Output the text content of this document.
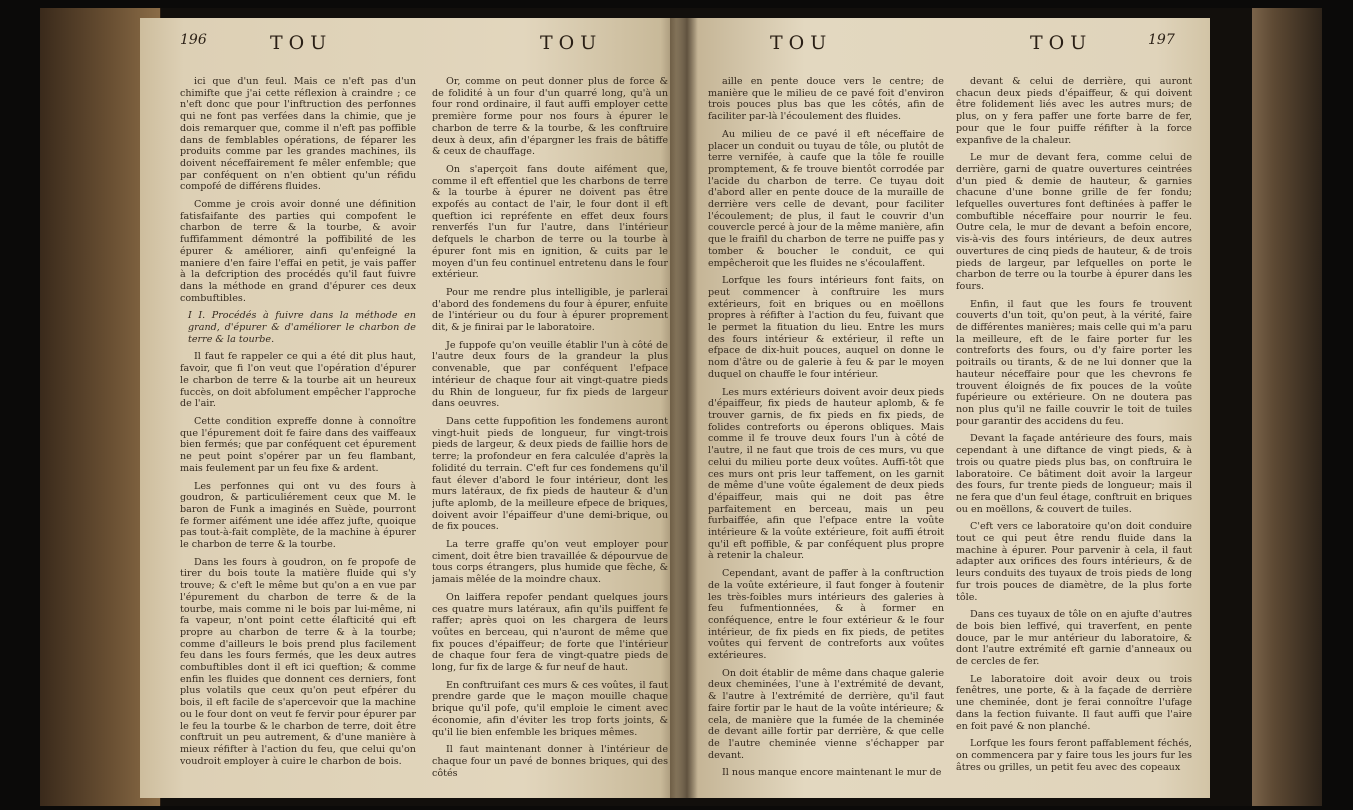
196	TOU	TOU

ici que d'un feul. Mais ce n'eft pas d'un chimifte que j'ai cette réflexion à craindre ; ce n'eft donc que pour l'inftruction des perfonnes qui ne font pas verfées dans la chimie, que je dois remarquer que, comme il n'eft pas poffible dans de femblables opérations, de féparer les produits comme par les grandes machines, ils doivent néceffairement fe mêler enfemble; que par conféquent on n'en obtient qu'un réfidu compofé de différens fluides.

Comme je crois avoir donné une définition fatisfaifante des parties qui compofent le charbon de terre & la tourbe, & avoir fuffifamment démontré la poffibilité de les épurer & améliorer, ainfi qu'enfeigné la maniere d'en faire l'effai en petit, je vais paffer à la defcription des procédés qu'il faut fuivre dans la méthode en grand d'épurer ces deux combuftibles.

I I. Procédés à fuivre dans la méthode en grand, d'épurer & d'améliorer le charbon de terre & la tourbe.

Il faut fe rappeler ce qui a été dit plus haut, favoir, que fi l'on veut que l'opération d'épurer le charbon de terre & la tourbe ait un heureux fuccès, on doit abfolument empêcher l'approche de l'air.

Cette condition expreffe donne à connoître que l'épurement doit fe faire dans des vaiffeaux bien fermés; que par conféquent cet épurement ne peut point s'opérer par un feu flambant, mais feulement par un feu fixe & ardent.

Les perfonnes qui ont vu des fours à goudron, & particuliérement ceux que M. le baron de Funk a imaginés en Suède, pourront fe former aifément une idée affez jufte, quoique pas tout-à-fait complète, de la machine à épurer le charbon de terre & la tourbe.

Dans les fours à goudron, on fe propofe de tirer du bois toute la matière fluide qui s'y trouve; & c'eft le même but qu'on a en vue par l'épurement du charbon de terre & de la tourbe, mais comme ni le bois par lui-même, ni fa vapeur, n'ont point cette élafticité qui eft propre au charbon de terre & à la tourbe; comme d'ailleurs le bois prend plus facilement feu dans les fours fermés, que les deux autres combuftibles dont il eft ici queftion; & comme enfin les fluides que donnent ces derniers, font plus volatils que ceux qu'on peut efpérer du bois, il eft facile de s'apercevoir que la machine ou le four dont on veut fe fervir pour épurer par le feu la tourbe & le charbon de terre, doit être conftruit un peu autrement, & d'une manière à mieux réfifter à l'action du feu, que celui qu'on voudroit employer à cuire le charbon de bois.

Or, comme on peut donner plus de force & de folidité à un four d'un quarré long, qu'à un four rond ordinaire, il faut auffi employer cette première forme pour nos fours à épurer le charbon de terre & la tourbe, & les conftruire deux à deux, afin d'épargner les frais de bâtiffe & ceux de chauffage.

On s'aperçoit fans doute aifément que, comme il eft effentiel que les charbons de terre & la tourbe à épurer ne doivent pas être expofés au contact de l'air, le four dont il eft queftion ici repréfente en effet deux fours renverfés l'un fur l'autre, dans l'intérieur defquels le charbon de terre ou la tourbe à épurer font mis en ignition, & cuits par le moyen d'un feu continuel entretenu dans le four extérieur.

Pour me rendre plus intelligible, je parlerai d'abord des fondemens du four à épurer, enfuite de l'intérieur ou du four à épurer proprement dit, & je finirai par le laboratoire.

Je fuppofe qu'on veuille établir l'un à côté de l'autre deux fours de la grandeur la plus convenable, que par conféquent l'efpace intérieur de chaque four ait vingt-quatre pieds du Rhin de longueur, fur fix pieds de largeur dans oeuvres.

Dans cette fuppofition les fondemens auront vingt-huit pieds de longueur, fur vingt-trois pieds de largeur, & deux pieds de faillie hors de terre; la profondeur en fera calculée d'après la folidité du terrain. C'eft fur ces fondemens qu'il faut élever d'abord le four intérieur, dont les murs latéraux, de fix pieds de hauteur & d'un jufte aplomb, de la meilleure efpece de briques, doivent avoir l'épaiffeur d'une demi-brique, ou de fix pouces.

La terre graffe qu'on veut employer pour ciment, doit être bien travaillée & dépourvue de tous corps étrangers, plus humide que fèche, & jamais mêlée de la moindre chaux.

On laiffera repofer pendant quelques jours ces quatre murs latéraux, afin qu'ils puiffent fe raffer; après quoi on les chargera de leurs voûtes en berceau, qui n'auront de même que fix pouces d'épaiffeur; de forte que l'intérieur de chaque four fera de vingt-quatre pieds de long, fur fix de large & fur neuf de haut.

En conftruifant ces murs & ces voûtes, il faut prendre garde que le maçon mouille chaque brique qu'il pofe, qu'il emploie le ciment avec économie, afin d'éviter les trop forts joints, & qu'il lie bien enfemble les briques mêmes.

Il faut maintenant donner à l'intérieur de chaque four un pavé de bonnes briques, qui des côtés

TOU	TOU	197

aille en pente douce vers le centre; de manière que le milieu de ce pavé foit d'environ trois pouces plus bas que les côtés, afin de faciliter par-là l'écoulement des fluides.

Au milieu de ce pavé il eft néceffaire de placer un conduit ou tuyau de tôle, ou plutôt de terre vernifée, à caufe que la tôle fe rouille promptement, & fe trouve bientôt corrodée par l'acide du charbon de terre. Ce tuyau doit d'abord aller en pente douce de la muraille de derrière vers celle de devant, pour faciliter l'écoulement; de plus, il faut le couvrir d'un couvercle percé à jour de la même manière, afin que le fraifil du charbon de terre ne puiffe pas y tomber & boucher le conduit, ce qui empêcheroit que les fluides ne s'écoulaffent.

Lorfque les fours intérieurs font faits, on peut commencer à conftruire les murs extérieurs, foit en briques ou en moëllons propres à réfifter à l'action du feu, fuivant que le permet la fituation du lieu. Entre les murs des fours intérieur & extérieur, il refte un efpace de dix-huit pouces, auquel on donne le nom d'âtre ou de galerie à feu & par le moyen duquel on chauffe le four intérieur.

Les murs extérieurs doivent avoir deux pieds d'épaiffeur, fix pieds de hauteur aplomb, & fe trouver garnis, de fix pieds en fix pieds, de folides contreforts ou éperons obliques. Mais comme il fe trouve deux fours l'un à côté de l'autre, il ne faut que trois de ces murs, vu que celui du milieu porte deux voûtes. Auffi-tôt que ces murs ont pris leur taffement, on les garnit de même d'une voûte également de deux pieds d'épaiffeur, mais qui ne doit pas être parfaitement en berceau, mais un peu furbaiffée, afin que l'efpace entre la voûte intérieure & la voûte extérieure, foit auffi étroit qu'il eft poffible, & par conféquent plus propre à retenir la chaleur.

Cependant, avant de paffer à la conftruction de la voûte extérieure, il faut fonger à foutenir les très-foibles murs intérieurs des galeries à feu fufmentionnées, & à former en conféquence, entre le four extérieur & le four intérieur, de fix pieds en fix pieds, de petites voûtes qui fervent de contreforts aux voûtes extérieures.

On doit établir de même dans chaque galerie deux cheminées, l'une à l'extrémité de devant, & l'autre à l'extrémité de derrière, qu'il faut faire fortir par le haut de la voûte intérieure; & cela, de manière que la fumée de la cheminée de devant aille fortir par derrière, & que celle de l'autre cheminée vienne s'échapper par devant.

Il nous manque encore maintenant le mur de

devant & celui de derrière, qui auront chacun deux pieds d'épaiffeur, & qui doivent être folidement liés avec les autres murs; de plus, on y fera paffer une forte barre de fer, pour que le four puiffe réfifter à la force expanfive de la chaleur.

Le mur de devant fera, comme celui de derrière, garni de quatre ouvertures ceintrées d'un pied & demie de hauteur, & garnies chacune d'une bonne grille de fer fondu; lefquelles ouvertures font deftinées à paffer le combuftible néceffaire pour nourrir le feu. Outre cela, le mur de devant a befoin encore, vis-à-vis des fours intérieurs, de deux autres ouvertures de cinq pieds de hauteur, & de trois pieds de largeur, par lefquelles on porte le charbon de terre ou la tourbe à épurer dans les fours.

Enfin, il faut que les fours fe trouvent couverts d'un toit, qu'on peut, à la vérité, faire de différentes manières; mais celle qui m'a paru la meilleure, eft de le faire porter fur les contreforts des fours, ou d'y faire porter les poitrails ou tirants, & de ne lui donner que la hauteur néceffaire pour que les chevrons fe trouvent éloignés de fix pouces de la voûte fupérieure ou extérieure. On ne doutera pas non plus qu'il ne faille couvrir le toit de tuiles pour garantir des accidens du feu.

Devant la façade antérieure des fours, mais cependant à une diftance de vingt pieds, & à trois ou quatre pieds plus bas, on conftruira le laboratoire. Ce bâtiment doit avoir la largeur des fours, fur trente pieds de longueur; mais il ne fera que d'un feul étage, conftruit en briques ou en moëllons, & couvert de tuiles.

C'eft vers ce laboratoire qu'on doit conduire tout ce qui peut être rendu fluide dans la machine à épurer. Pour parvenir à cela, il faut adapter aux orifices des fours intérieurs, & de leurs conduits des tuyaux de trois pieds de long fur trois pouces de diamètre, de la plus forte tôle.

Dans ces tuyaux de tôle on en ajufte d'autres de bois bien leffivé, qui traverfent, en pente douce, par le mur antérieur du laboratoire, & dont l'autre extrémité eft garnie d'anneaux ou de cercles de fer.

Le laboratoire doit avoir deux ou trois fenêtres, une porte, & à la façade de derrière une cheminée, dont je ferai connoître l'ufage dans la fection fuivante. Il faut auffi que l'aire en foit pavé & non planché.

Lorfque les fours feront paffablement féchés, on commencera par y faire tous les jours fur les âtres ou grilles, un petit feu avec des copeaux
